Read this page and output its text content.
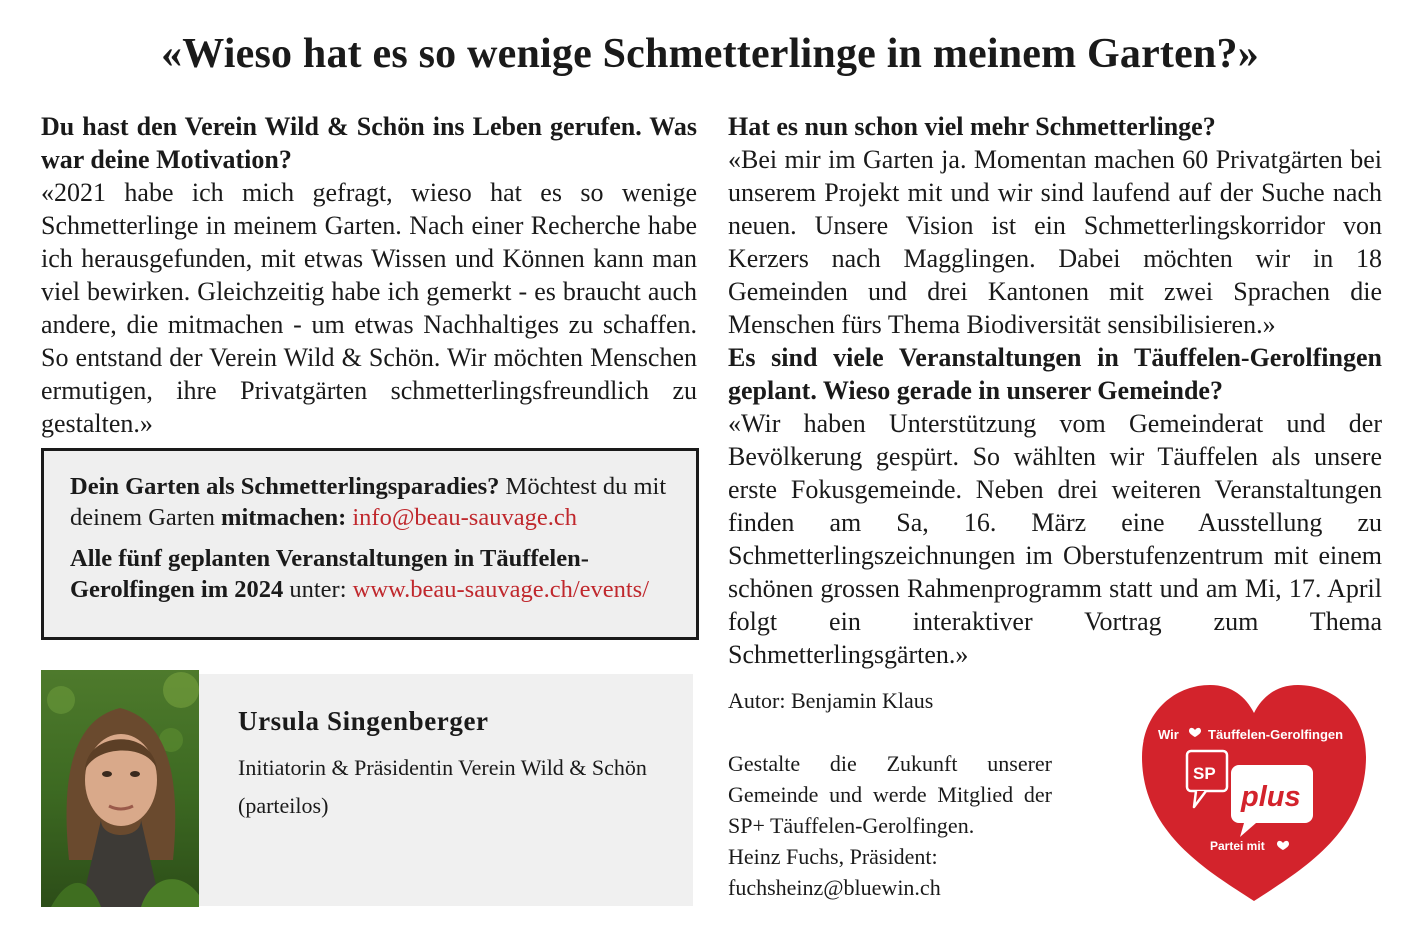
«Wieso hat es so wenige Schmetterlinge in meinem Garten?»

Du hast den Verein Wild & Schön ins Leben gerufen. Was war deine Motivation?

«2021 habe ich mich gefragt, wieso hat es so wenige Schmetterlinge in meinem Garten. Nach einer Recherche habe ich herausgefunden, mit etwas Wissen und Können kann man viel bewirken. Gleichzeitig habe ich gemerkt - es braucht auch andere, die mitmachen - um etwas Nachhaltiges zu schaffen. So entstand der Verein Wild & Schön. Wir möchten Menschen ermutigen, ihre Privatgärten schmetterlingsfreundlich zu gestalten.»

Dein Garten als Schmetterlingsparadies? Möchtest du mit deinem Garten mitmachen: info@beau-sauvage.ch

Alle fünf geplanten Veranstaltungen in Täuffelen-Gerolfingen im 2024 unter: www.beau-sauvage.ch/events/

Ursula Singenberger
Initiatorin & Präsidentin Verein Wild & Schön
(parteilos)

Hat es nun schon viel mehr Schmetterlinge?

«Bei mir im Garten ja. Momentan machen 60 Privatgärten bei unserem Projekt mit und wir sind laufend auf der Suche nach neuen. Unsere Vision ist ein Schmetterlingskorridor von Kerzers nach Magglingen. Dabei möchten wir in 18 Gemeinden und drei Kantonen mit zwei Sprachen die Menschen fürs Thema Biodiversität sensibilisieren.»

Es sind viele Veranstaltungen in Täuffelen-Gerolfingen geplant. Wieso gerade in unserer Gemeinde?

«Wir haben Unterstützung vom Gemeinderat und der Bevölkerung gespürt. So wählten wir Täuffelen als unsere erste Fokusgemeinde. Neben drei weiteren Veranstaltungen finden am Sa, 16. März eine Ausstellung zu Schmetterlingszeichnungen im Oberstufenzentrum mit einem schönen grossen Rahmenprogramm statt und am Mi, 17. April folgt ein interaktiver Vortrag zum Thema Schmetterlingsgärten.»

Autor: Benjamin Klaus
Gestalte die Zukunft unserer Gemeinde und werde Mitglied der SP+ Täuffelen-Gerolfingen.
Heinz Fuchs, Präsident:
fuchsheinz@bluewin.ch
Wir Täuffelen-Gerolfingen
SP
plus
Partei mit
